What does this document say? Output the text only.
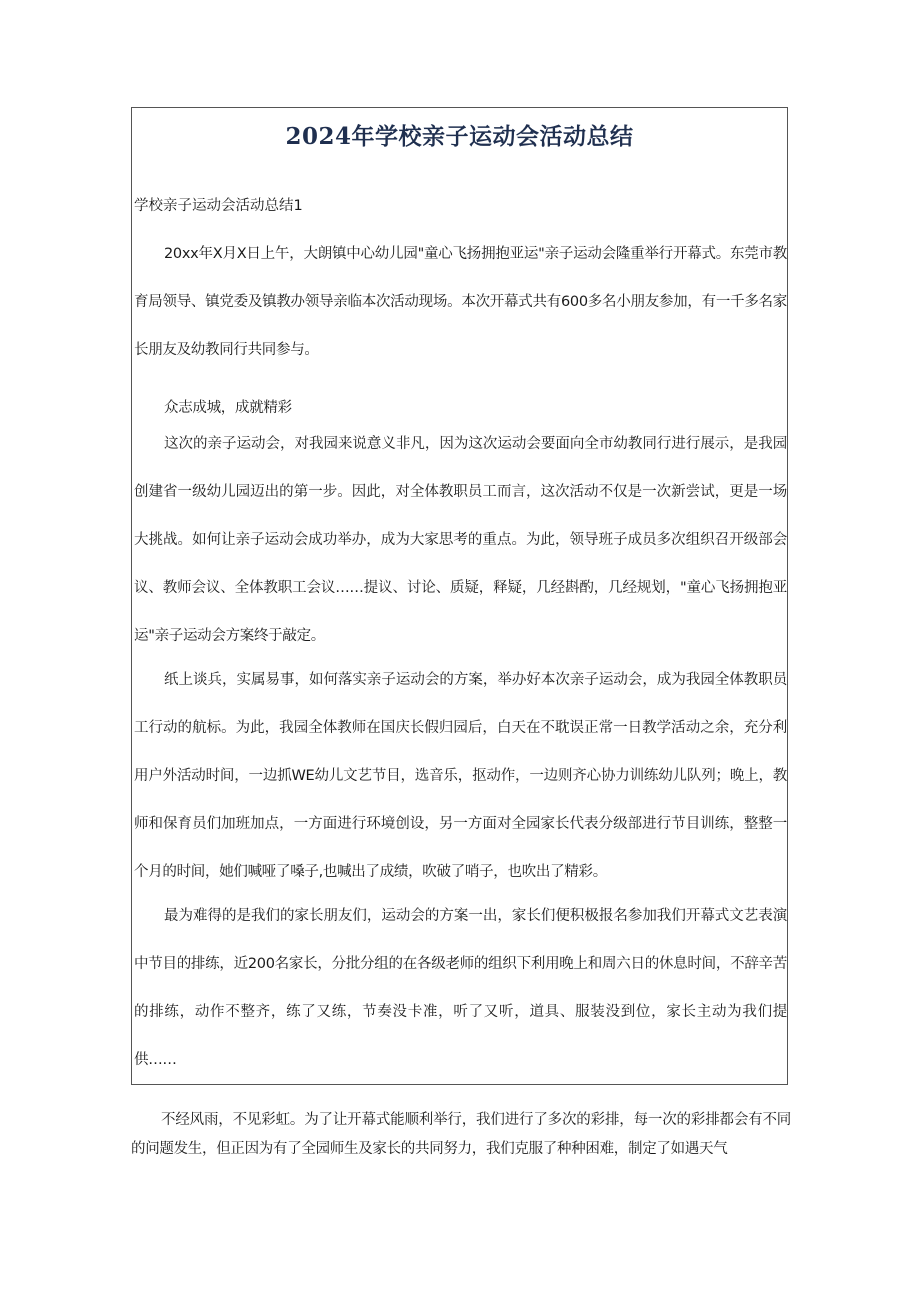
2024年学校亲子运动会活动总结

学校亲子运动会活动总结1

20xx年X月X日上午，大朗镇中心幼儿园"童心飞扬拥抱亚运"亲子运动会隆重举行开幕式。东莞市教育局领导、镇党委及镇教办领导亲临本次活动现场。本次开幕式共有600多名小朋友参加，有一千多名家长朋友及幼教同行共同参与。

众志成城，成就精彩

这次的亲子运动会，对我园来说意义非凡，因为这次运动会要面向全市幼教同行进行展示，是我园创建省一级幼儿园迈出的第一步。因此，对全体教职员工而言，这次活动不仅是一次新尝试，更是一场大挑战。如何让亲子运动会成功举办，成为大家思考的重点。为此，领导班子成员多次组织召开级部会议、教师会议、全体教职工会议……提议、讨论、质疑，释疑，几经斟酌，几经规划，"童心飞扬拥抱亚运"亲子运动会方案终于敲定。

纸上谈兵，实属易事，如何落实亲子运动会的方案，举办好本次亲子运动会，成为我园全体教职员工行动的航标。为此，我园全体教师在国庆长假归园后，白天在不耽误正常一日教学活动之余，充分利用户外活动时间，一边抓WE幼儿文艺节目，选音乐，抠动作，一边则齐心协力训练幼儿队列；晚上，教师和保育员们加班加点，一方面进行环境创设，另一方面对全园家长代表分级部进行节目训练，整整一个月的时间，她们喊哑了嗓子,也喊出了成绩，吹破了哨子，也吹出了精彩。

最为难得的是我们的家长朋友们，运动会的方案一出，家长们便积极报名参加我们开幕式文艺表演中节目的排练，近200名家长，分批分组的在各级老师的组织下利用晚上和周六日的休息时间，不辞辛苦的排练，动作不整齐，练了又练，节奏没卡准，听了又听，道具、服装没到位，家长主动为我们提供……

不经风雨，不见彩虹。为了让开幕式能顺利举行，我们进行了多次的彩排，每一次的彩排都会有不同的问题发生，但正因为有了全园师生及家长的共同努力，我们克服了种种困难，制定了如遇天气
